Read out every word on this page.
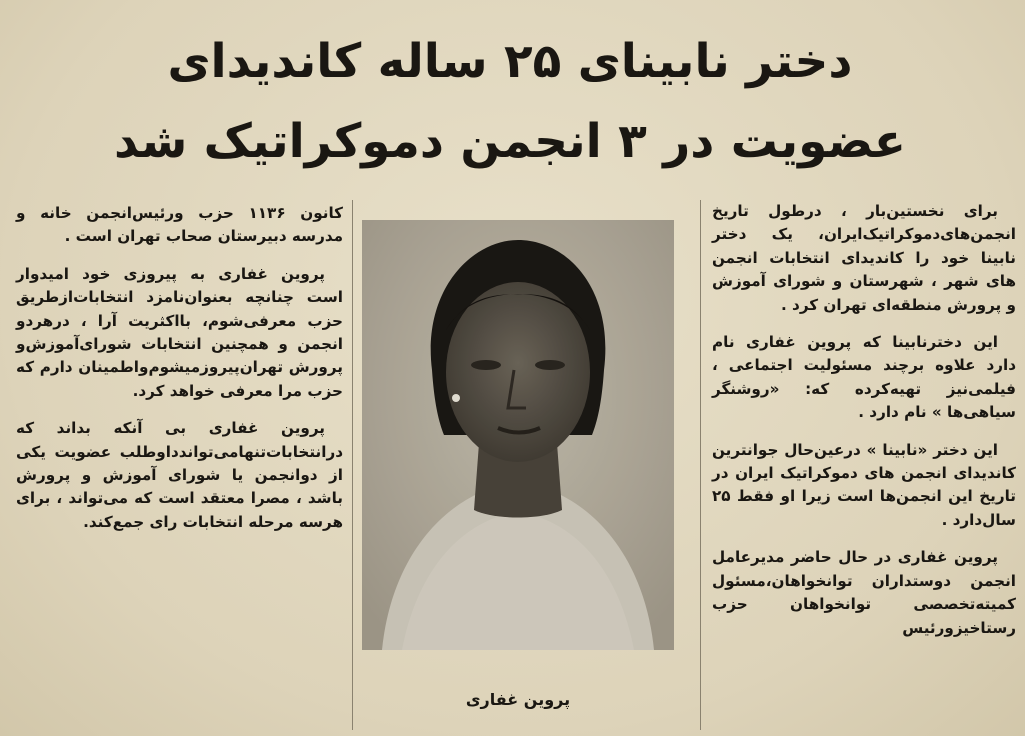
دختر نابینای ۲۵ ساله کاندیدای
عضویت در ۳ انجمن دموکراتیک شد

برای نخستین‌بار ، درطول تاریخ انجمن‌های‌دموکراتیک‌ایران، یک دختر نابینا خود را کاندیدای انتخابات انجمن های شهر ، شهرستان و شورای آموزش و پرورش منطقه‌ای تهران کرد .

این دخترنابینا که پروین غفاری نام دارد علاوه برچند مسئولیت اجتماعی ، فیلمی‌نیز تهیه‌کرده که: «روشنگر سیاهی‌ها » نام دارد .

این دختر «نابینا » درعین‌حال جوانترین کاندیدای انجمن های دموکراتیک ایران در تاریخ این انجمن‌ها است زیرا او فقط ۲۵ سال‌دارد .

پروین غفاری در حال حاضر مدیرعامل انجمن دوستداران توانخواهان،مسئول کمیته‌تخصصی توانخواهان حزب رستاخیزورئیس

پروین غفاری

کانون ۱۱۳۶ حزب ورئیس‌انجمن خانه و مدرسه دبیرستان صحاب تهران است .

پروین غفاری به پیروزی خود امیدوار است چنانچه بعنوان‌نامزد انتخابات‌ازطریق حزب معرفی‌شوم، بااکثریت آرا ، درهردو انجمن و همچنین انتخابات شورای‌آموزش‌و پرورش تهران‌پیروزمیشوم‌واطمینان دارم که حزب مرا معرفی خواهد کرد.

پروین غفاری بی آنکه بداند که درانتخابات‌تنهامی‌تواندداوطلب عضویت یکی از دوانجمن یا شورای آموزش و پرورش باشد ، مصرا معتقد است که می‌تواند ، برای هرسه مرحله انتخابات رای جمع‌کند.
